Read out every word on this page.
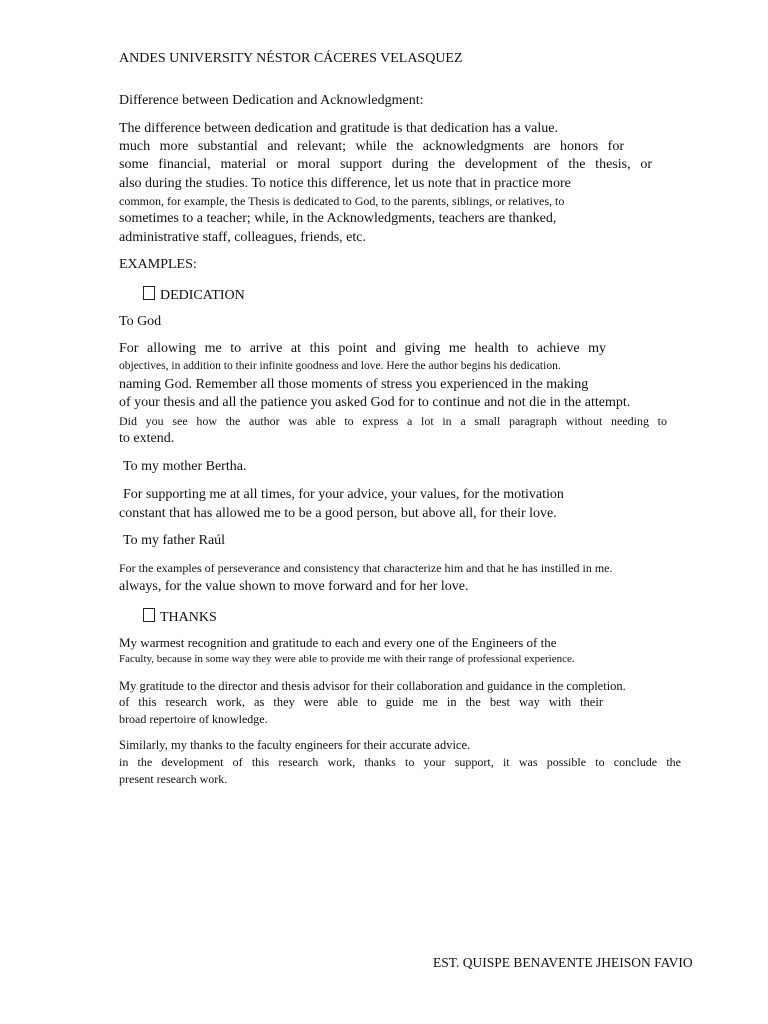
ANDES UNIVERSITY NÉSTOR CÁCERES VELASQUEZ
Difference between Dedication and Acknowledgment:
The difference between dedication and gratitude is that dedication has a value.
much more substantial and relevant; while the acknowledgments are honors for
some financial, material or moral support during the development of the thesis, or
also during the studies. To notice this difference, let us note that in practice more
common, for example, the Thesis is dedicated to God, to the parents, siblings, or relatives, to
sometimes to a teacher; while, in the Acknowledgments, teachers are thanked,
administrative staff, colleagues, friends, etc.
EXAMPLES:
DEDICATION
To God
For allowing me to arrive at this point and giving me health to achieve my
objectives, in addition to their infinite goodness and love. Here the author begins his dedication.
naming God. Remember all those moments of stress you experienced in the making
of your thesis and all the patience you asked God for to continue and not die in the attempt.
Did you see how the author was able to express a lot in a small paragraph without needing to
to extend.
To my mother Bertha.
For supporting me at all times, for your advice, your values, for the motivation
constant that has allowed me to be a good person, but above all, for their love.
To my father Raúl
For the examples of perseverance and consistency that characterize him and that he has instilled in me.
always, for the value shown to move forward and for her love.
THANKS
My warmest recognition and gratitude to each and every one of the Engineers of the
Faculty, because in some way they were able to provide me with their range of professional experience.
My gratitude to the director and thesis advisor for their collaboration and guidance in the completion.
of this research work, as they were able to guide me in the best way with their
broad repertoire of knowledge.
Similarly, my thanks to the faculty engineers for their accurate advice.
in the development of this research work, thanks to your support, it was possible to conclude the
present research work.
EST. QUISPE BENAVENTE JHEISON FAVIO
